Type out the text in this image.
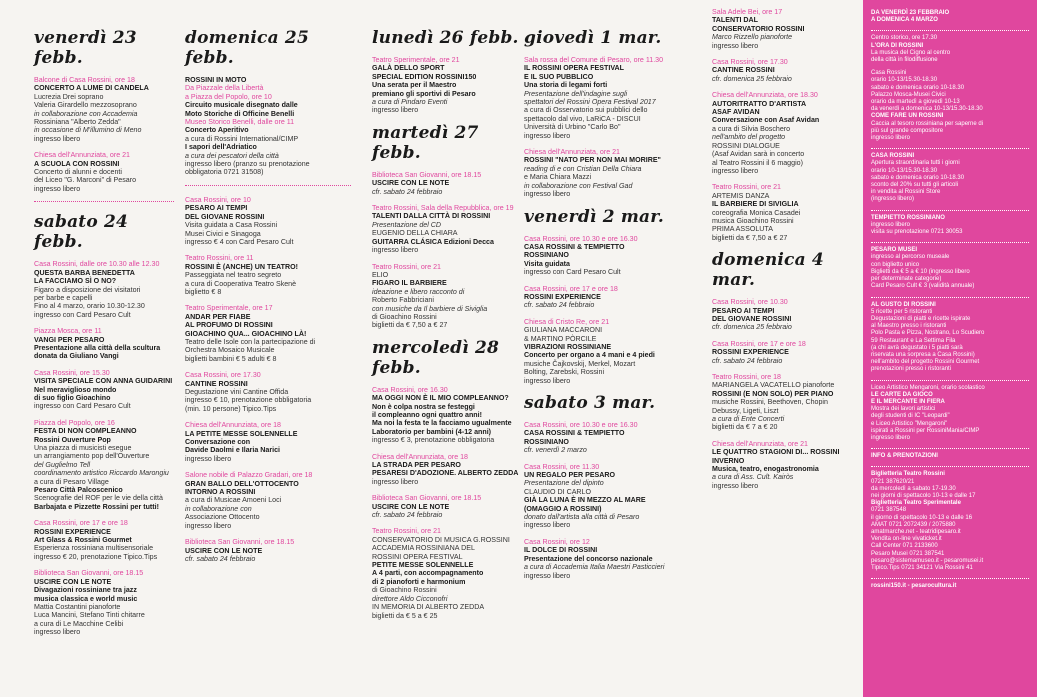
venerdì 23 febb.
Balcone di Casa Rossini, ore 18
CONCERTO A LUME DI CANDELA
Lucrezia Drei soprano
Valeria Girardello mezzosoprano
in collaborazione con Accademia
Rossiniana "Alberto Zedda"
in occasione di M'illumino di Meno
ingresso libero
Chiesa dell'Annunziata, ore 21
A SCUOLA CON ROSSINI
Concerto di alunni e docenti
del Liceo "G. Marconi" di Pesaro
ingresso libero
sabato 24 febb.
Casa Rossini, dalle ore 10.30 alle 12.30
QUESTA BARBA BENEDETTA
LA FACCIAMO SÌ O NO?
Figaro a disposizione dei visitatori
per barbe e capelli
Fino al 4 marzo, orario 10.30-12.30
ingresso con Card Pesaro Cult
Piazza Mosca, ore 11
VANGI PER PESARO
Presentazione alla città della scultura
donata da Giuliano Vangi
Casa Rossini, ore 15.30
VISITA SPECIALE CON ANNA GUIDARINI
Nel meraviglioso mondo
di suo figlio Gioachino
ingresso con Card Pesaro Cult
Piazza del Popolo, ore 16
FESTA DI NON COMPLEANNO
Rossini Ouverture Pop
Una piazza di musicisti esegue
un arrangiamento pop dell'Ouverture
del Guglielmo Tell
coordinamento artistico Riccardo Marongiu
a cura di Pesaro Village
Pesaro Città Palcoscenico
Scenografie del ROF per le vie della città
Barbajata e Pizzette Rossini per tutti!
Casa Rossini, ore 17 e ore 18
ROSSINI EXPERIENCE
Art Glass & Rossini Gourmet
Esperienza rossiniana multisensoriale
ingresso € 20, prenotazione Tipico.Tips
Biblioteca San Giovanni, ore 18.15
USCIRE CON LE NOTE
Divagazioni rossiniane tra jazz
musica classica e world music
Mattia Costantini pianoforte
Luca Mancini, Stefano Tinti chitarre
a cura di Le Macchine Celibi
ingresso libero
domenica 25 febb.
ROSSINI IN MOTO
Da Piazzale della Libertà
a Piazza del Popolo, ore 10
Circuito musicale disegnato dalle
Moto Storiche di Officine Benelli
Museo Storico Benelli, dalle ore 11
Concerto Aperitivo
a cura di Rossini International/CIMP
I sapori dell'Adriatico
a cura dei pescatori della città
ingresso libero (pranzo su prenotazione
obbligatoria 0721 31508)
Casa Rossini, ore 10
PESARO AI TEMPI
DEL GIOVANE ROSSINI
Visita guidata a Casa Rossini
Musei Civici e Sinagoga
ingresso € 4 con Card Pesaro Cult
Teatro Rossini, ore 11
ROSSINI È (ANCHE) UN TEATRO!
Passeggiata nel teatro segreto
a cura di Cooperativa Teatro Skenè
biglietto € 8
Teatro Sperimentale, ore 17
ANDAR PER FIABE
AL PROFUMO DI ROSSINI
GIOACHINO QUA... GIOACHINO LÀ!
Teatro delle Isole con la partecipazione di
Orchestra Mosaico Musicale
biglietti bambini € 5 adulti € 8
Casa Rossini, ore 17.30
CANTINE ROSSINI
Degustazione vini Cantine Offida
ingresso € 10, prenotazione obbligatoria
(min. 10 persone) Tipico.Tips
Chiesa dell'Annunziata, ore 18
LA PETITE MESSE SOLENNELLE
Conversazione con
Davide Daolmi e Ilaria Narici
ingresso libero
Salone nobile di Palazzo Gradari, ore 18
GRAN BALLO DELL'OTTOCENTO
INTORNO A ROSSINI
a cura di Musicae Amoeni Loci
in collaborazione con
Associazione Ottocento
ingresso libero
Biblioteca San Giovanni, ore 18.15
USCIRE CON LE NOTE
cfr. sabato 24 febbraio
lunedì 26 febb.
Teatro Sperimentale, ore 21
GALÀ DELLO SPORT
SPECIAL EDITION ROSSINI150
Una serata per il Maestro
premiano gli sportivi di Pesaro
a cura di Pindaro Eventi
ingresso libero
martedì 27 febb.
Biblioteca San Giovanni, ore 18.15
USCIRE CON LE NOTE
cfr. sabato 24 febbraio
Teatro Rossini, Sala della Repubblica, ore 19
TALENTI DALLA CITTÀ DI ROSSINI
Presentazione del CD
EUGENIO DELLA CHIARA
GUITARRA CLÁSICA Edizioni Decca
ingresso libero
Teatro Rossini, ore 21
ELIO
FIGARO IL BARBIERE
ideazione e libero racconto di
Roberto Fabbriciani
con musiche da Il barbiere di Siviglia
di Gioachino Rossini
biglietti da € 7,50 a € 27
mercoledì 28 febb.
Casa Rossini, ore 16.30
MA OGGI NON È IL MIO COMPLEANNO?
Non è colpa nostra se festeggi
il compleanno ogni quattro anni!
Ma noi la festa te la facciamo ugualmente
Laboratorio per bambini (4-12 anni)
ingresso € 3, prenotazione obbligatoria
Chiesa dell'Annunziata, ore 18
LA STRADA PER PESARO
PESARESI D'ADOZIONE. ALBERTO ZEDDA
ingresso libero
Biblioteca San Giovanni, ore 18.15
USCIRE CON LE NOTE
cfr. sabato 24 febbraio
Teatro Rossini, ore 21
CONSERVATORIO DI MUSICA G.ROSSINI
ACCADEMIA ROSSINIANA DEL
ROSSINI OPERA FESTIVAL
PETITE MESSE SOLENNELLE
A 4 parti, con accompagnamento
di 2 pianoforti e harmonium
di Gioachino Rossini
direttore Aldo Cicconofri
IN MEMORIA DI ALBERTO ZEDDA
biglietti da € 5 a € 25
giovedì 1 mar.
Sala rossa del Comune di Pesaro, ore 11.30
IL ROSSINI OPERA FESTIVAL
E IL SUO PUBBLICO
Una storia di legami forti
Presentazione dell'indagine sugli
spettatori del Rossini Opera Festival 2017
a cura di Osservatorio sui pubblici dello
spettacolo dal vivo, LaRiCA - DISCUI
Università di Urbino "Carlo Bo"
ingresso libero
Chiesa dell'Annunziata, ore 21
ROSSINI "NATO PER NON MAI MORIRE"
reading di e con Cristian Della Chiara
e Maria Chiara Mazzi
in collaborazione con Festival Gad
ingresso libero
venerdì 2 mar.
Casa Rossini, ore 10.30 e ore 16.30
CASA ROSSINI & TEMPIETTO ROSSINIANO
Visita guidata
ingresso con Card Pesaro Cult
Casa Rossini, ore 17 e ore 18
ROSSINI EXPERIENCE
cfr. sabato 24 febbraio
Chiesa di Cristo Re, ore 21
GIULIANA MACCARONI
& MARTINO PÒRCILE
VIBRAZIONI ROSSINIANE
Concerto per organo a 4 mani e 4 piedi
musiche Čajkovskij, Merkel, Mozart
Bolting, Zarebski, Rossini
ingresso libero
sabato 3 mar.
Casa Rossini, ore 10.30 e ore 16.30
CASA ROSSINI & TEMPIETTO ROSSINIANO
cfr. venerdì 2 marzo
Casa Rossini, ore 11.30
UN REGALO PER PESARO
Presentazione del dipinto
CLAUDIO DI CARLO
GIÀ LA LUNA È IN MEZZO AL MARE
(OMAGGIO A ROSSINI)
donato dall'artista alla città di Pesaro
ingresso libero
Casa Rossini, ore 12
IL DOLCE DI ROSSINI
Presentazione del concorso nazionale
a cura di Accademia Italia Maestri Pasticcieri
ingresso libero
Sala Adele Bei, ore 17
TALENTI DAL
CONSERVATORIO ROSSINI
Marco Rizzello pianoforte
ingresso libero
Casa Rossini, ore 17.30
CANTINE ROSSINI
cfr. domenica 25 febbraio
Chiesa dell'Annunziata, ore 18.30
AUTORITRATTO D'ARTISTA
ASAF AVIDAN
Conversazione con Asaf Avidan
a cura di Silvia Boschero
nell'ambito del progetto
ROSSINI DIALOGUE
(Asaf Avidan sarà in concerto
al Teatro Rossini il 6 maggio)
ingresso libero
Teatro Rossini, ore 21
ARTEMIS DANZA
IL BARBIERE DI SIVIGLIA
coreografia Monica Casadei
musica Gioachino Rossini
PRIMA ASSOLUTA
biglietti da € 7,50 a € 27
domenica 4 mar.
Casa Rossini, ore 10.30
PESARO AI TEMPI
DEL GIOVANE ROSSINI
cfr. domenica 25 febbraio
Casa Rossini, ore 17 e ore 18
ROSSINI EXPERIENCE
cfr. sabato 24 febbraio
Teatro Rossini, ore 18
MARIANGELA VACATELLO pianoforte
ROSSINI (E NON SOLO) PER PIANO
musiche Rossini, Beethoven, Chopin
Debussy, Ligeti, Liszt
a cura di Ente Concerti
biglietti da € 7 a € 20
Chiesa dell'Annunziata, ore 21
LE QUATTRO STAGIONI DI... ROSSINI
INVERNO
Musica, teatro, enogastronomia
a cura di Ass. Cult. Kairòs
ingresso libero
DA VENERDÌ 23 FEBBRAIO
A DOMENICA 4 MARZO
Centro storico, ore 17.30
L'ORA DI ROSSINI
La musica del Cigno al centro
della città in filodiffusione
Casa Rossini
orario 10-13/15.30-18.30
sabato e domenica orario 10-18.30
Palazzo Mosca-Musei Civici
orario da martedì a giovedì 10-13
da venerdì a domenica 10-13/15.30-18.30
COME FARE UN ROSSINI
Caccia al tesoro rossiniana per saperne di
più sul grande compositore
ingresso libero
CASA ROSSINI
Apertura straordinaria tutti i giorni
orario 10-13/15.30-18.30
sabato e domenica orario 10-18.30
sconto del 20% su tutti gli articoli
in vendita al Rossini Store
(ingresso libero)
TEMPIETTO ROSSINIANO
ingresso libero
visita su prenotazione 0721 30053
PESARO MUSEI
ingresso al percorso museale
con biglietto unico
Biglietti da € 5 a € 10 (ingresso libero
per determinate categorie)
Card Pesaro Cult € 3 (validità annuale)
AL GUSTO DI ROSSINI
5 ricette per 5 ristoranti
Degustazioni di piatti e ricette ispirate
al Maestro presso i ristoranti
Polo Pasta e Pizza, Nostrano, Lo Scudiero
59 Restaurant e La Settima Fila
(a chi avrà degustato i 5 piatti sarà
riservata una sorpresa a Casa Rossini)
nell'ambito del progetto Rossini Gourmet
prenotazioni presso i ristoranti
Liceo Artistico Mengaroni, orario scolastico
LE CARTE DA GIOCO
E IL MERCANTE IN FIERA
Mostra dei lavori artistici
degli studenti di IC "Leopardi"
e Liceo Artistico "Mengaroni"
ispirati a Rossini per RossiniMania/CIMP
ingresso libero
INFO & PRENOTAZIONI
Biglietteria Teatro Rossini
0721 387620/21
da mercoledì a sabato 17-19.30
nei giorni di spettacolo 10-13 e dalle 17
Biglietteria Teatro Sperimentale
0721 387548
il giorno di spettacolo 10-13 e dalle 16
AMAT 0721 2072439 / 2075880
amatmarche.net - teatridipesaro.it
Vendita on-line vivaticket.it
Call Center 071 2133600
Pesaro Musei 0721 387541
pesaro@sistemamuseo.it - pesaromusei.it
Tipico.Tips 0721 34121 Via Rossini 41
rossini150.it - pesarocultura.it
